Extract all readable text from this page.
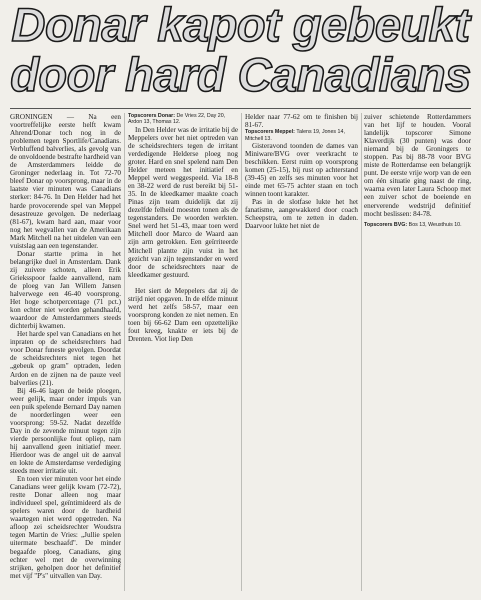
Donar kapot gebeukt
door hard Canadians

GRONINGEN — Na een voortreffelijke eerste helft kwam Ahrend/Donar toch nog in de problemen tegen Sportlife/Canadians. Verbluffend balverlies, als gevolg van de onvoldoende bestrafte hardheid van de Amsterdammers leidde de Groninger nederlaag in. Tot 72-70 bleef Donar op voorsprong, maar in de laatste vier minuten was Canadians sterker: 84-76. In Den Helder had het harde provocerende spel van Meppel desastreuze gevolgen. De nederlaag (81-67), kwam hard aan, maar voor nog het wegvallen van de Amerikaan Mark Mitchell na het uitdelen van een vuistslag aan een tegenstander.

Donar startte prima in het belangrijke duel in Amsterdam. Dank zij zuivere schoten, alleen Erik Grieksspoor faalde aanvallend, nam de ploeg van Jan Willem Jansen halverwege een 46-40 voorsprong. Het hoge schotpercentage (71 pct.) kon echter niet worden gehandhaafd, waardoor de Amsterdammers steeds dichterbij kwamen.

Het harde spel van Canadians en het inpraten op de scheidsrechters had voor Donar funeste gevolgen. Doordat de scheidsrechters niet tegen het „gebeuk op gram" optraden, leden Ardon en de zijnen na de pauze veel balverlies (21).

Bij 46-46 lagen de beide ploegen, weer gelijk, maar onder impuls van een puik spelende Bernard Day namen de noorderlingen weer een voorsprong: 59-52. Nadat dezelfde Day in de zevende minuut tegen zijn vierde persoonlijke fout opliep, nam hij aanvallend geen initiatief meer. Hierdoor was de angel uit de aanval en lokte de Amsterdamse verdediging steeds meer irritatie uit.

En toen vier minuten voor het einde Canadians weer gelijk kwam (72-72), restte Donar alleen nog maar individueel spel, geïntimideerd als de spelers waren door de hardheid waartegen niet werd opgetreden. Na afloop zei scheidsrechter Woudstra tegen Martin de Vries: „Jullie spelen uitermate beschaafd". De minder begaafde ploeg, Canadians, ging echter wel met de overwinning strijken, geholpen door het definitief met vijf "P's" uitvallen van Day.

Topscorers Donar: De Vries 22, Day 20, Ardon 13, Thomas 12.

In Den Helder was de irritatie bij de Meppelers over het niet optreden van de scheidsrechters tegen de irritant verdedigende Helderse ploeg nog groter. Hard en snel spelend nam Den Helder meteen het initiatief en Meppel werd weggespeeld. Via 18-8 en 38-22 werd de rust bereikt bij 51-35. In de kleedkamer maakte coach Pinas zijn team duidelijk dat zij dezelfde felheid moesten tonen als de tegenstanders. De woorden werkten. Snel werd het 51-43, maar toen werd Mitchell door Marco de Waard aan zijn arm getrokken. Een geïrriteerde Mitchell plantte zijn vuist in het gezicht van zijn tegenstander en werd door de scheidsrechters naar de kleedkamer gestuurd.

Het siert de Meppelers dat zij de strijd niet opgaven. In de elfde minuut werd het zelfs 58-57, maar een voorsprong konden ze niet nemen. En toen bij 66-62 Dam een opzettelijke fout kreeg, knakte er iets bij de Drenten. Viot liep Den

Helder naar 77-62 om te finishen bij 81-67.

Topscorers Meppel: Talens 19, Jones 14, Mitchell 13.

Gisteravond toonden de dames van Miniware/BVG over veerkracht te beschikken. Eerst ruim op voorsprong komen (25-15), bij rust op achterstand (39-45) en zelfs ses minuten voor het einde met 65-75 achter staan en toch winnen toont karakter.

Pas in de slotfase lukte het het fanatisme, aangewakkerd door coach Scheepstra, om te zetten in daden. Daarvoor lukte het niet de

zuiver schietende Rotterdammers van het lijf te houden. Vooral landelijk topscorer Simone Klaverdijk (30 punten) was door niemand bij de Groningers te stoppen. Pas bij 88-78 voor BVG miste de Rotterdamse een belangrijk punt. De eerste vrije worp van de een om één situatie ging naast de ring, waarna even later Laura Schoop met een zuiver schot de boeiende en enerverende wedstrijd definitief mocht beslissen: 84-78.

Topscorers BVG: Bos 13, Weusthuis 10.
